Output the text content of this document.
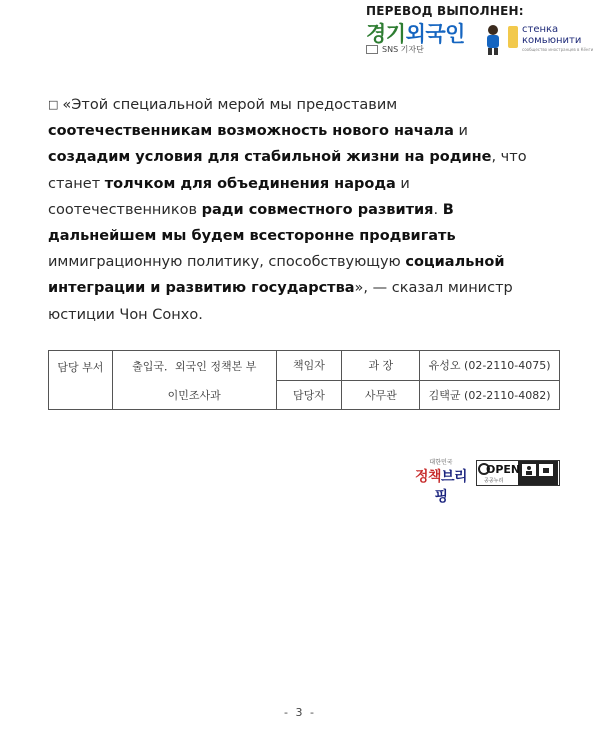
ПЕРЕВОД ВЫПОЛНЕН:
경기외국인
SNS 기자단
стенка
комьюнити
сообщество иностранцев в Кёнги
□ «Этой специальной мерой мы предоставим соотечественникам возможность нового начала и создадим условия для стабильной жизни на родине, что станет толчком для объединения народа и соотечественников ради совместного развития. В дальнейшем мы будем всесторонне продвигать иммиграционную политику, способствующую социальной интеграции и развитию государства», — сказал министр юстиции Чон Сонхо.
담당 부서	출입국．외국인 정책본 부	책임자	과 장	유성오 (02-2110-4075)
	이민조사과	담당자	사무관	김택균 (02-2110-4082)
대한민국
정책브리핑
OPEN
공공누리
- 3 -
